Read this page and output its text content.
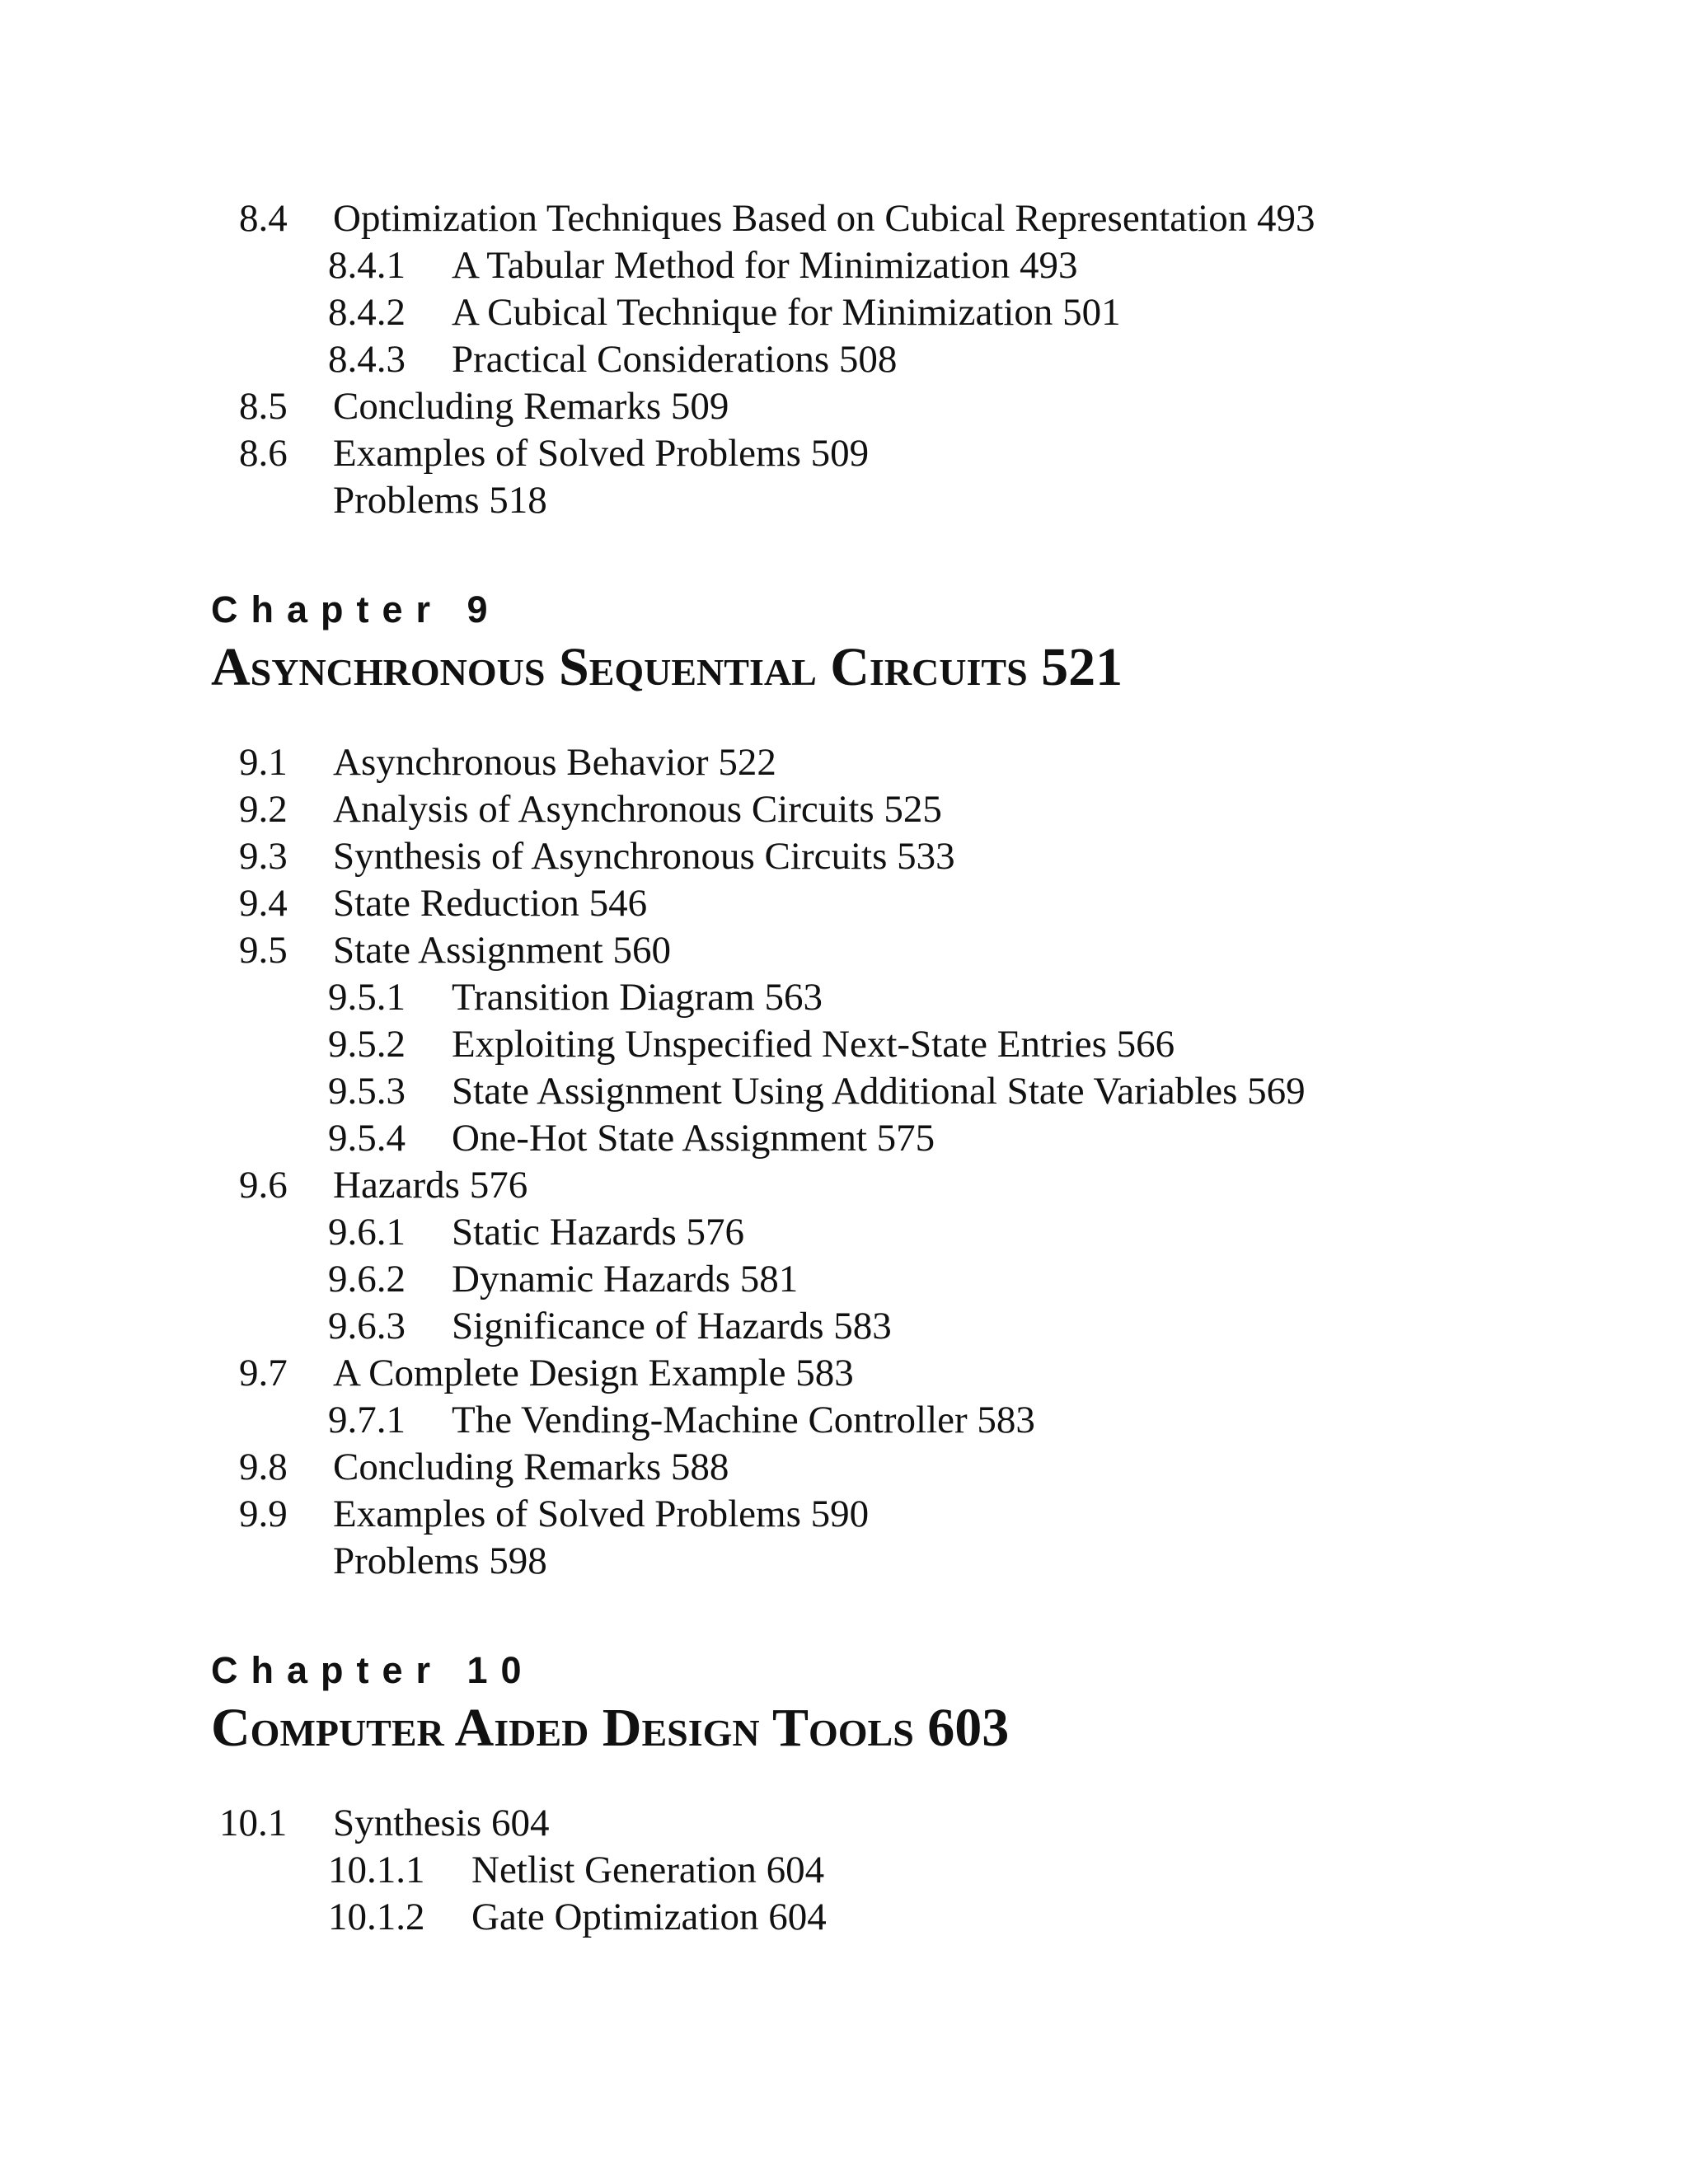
8.4 Optimization Techniques Based on Cubical Representation 493
8.4.1 A Tabular Method for Minimization 493
8.4.2 A Cubical Technique for Minimization 501
8.4.3 Practical Considerations 508
8.5 Concluding Remarks 509
8.6 Examples of Solved Problems 509
Problems 518
Chapter 9
Asynchronous Sequential Circuits 521
9.1 Asynchronous Behavior 522
9.2 Analysis of Asynchronous Circuits 525
9.3 Synthesis of Asynchronous Circuits 533
9.4 State Reduction 546
9.5 State Assignment 560
9.5.1 Transition Diagram 563
9.5.2 Exploiting Unspecified Next-State Entries 566
9.5.3 State Assignment Using Additional State Variables 569
9.5.4 One-Hot State Assignment 575
9.6 Hazards 576
9.6.1 Static Hazards 576
9.6.2 Dynamic Hazards 581
9.6.3 Significance of Hazards 583
9.7 A Complete Design Example 583
9.7.1 The Vending-Machine Controller 583
9.8 Concluding Remarks 588
9.9 Examples of Solved Problems 590
Problems 598
Chapter 10
Computer Aided Design Tools 603
10.1 Synthesis 604
10.1.1 Netlist Generation 604
10.1.2 Gate Optimization 604
